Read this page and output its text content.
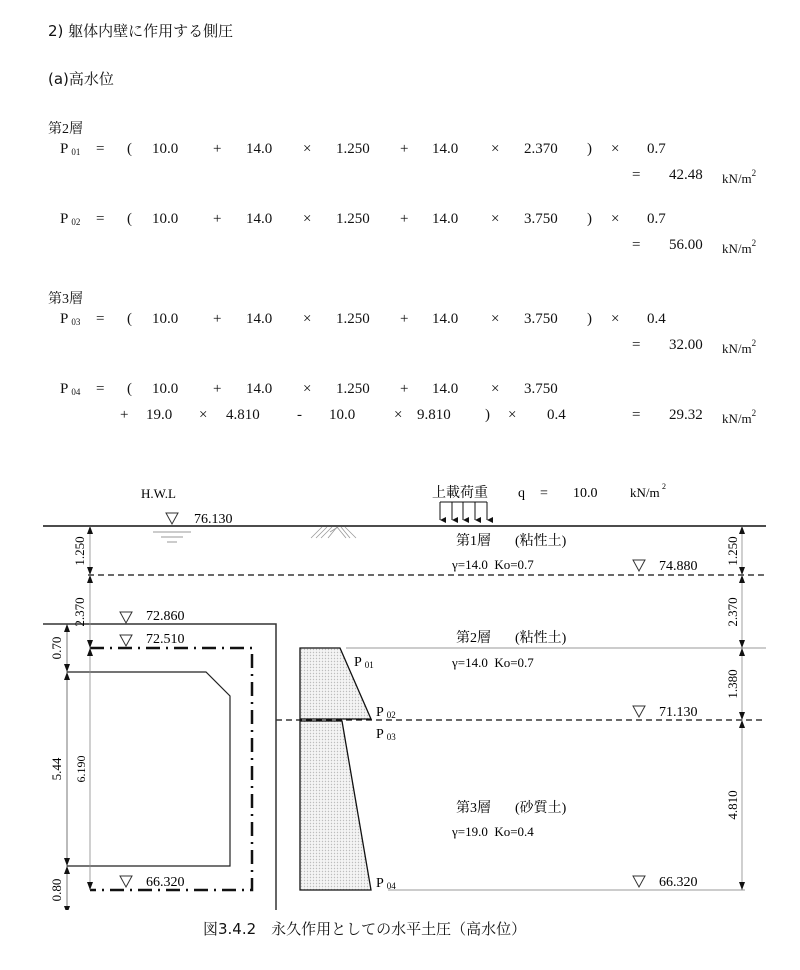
2) 躯体内壁に作用する側圧
(a)高水位
第2層
P $_{01}$ = ( 10.0 + 14.0 × 1.250 + 14.0 × 2.370 ) × 0.7
= 42.48 $kN/m^2$
P $_{02}$ = ( 10.0 + 14.0 × 1.250 + 14.0 × 3.750 ) × 0.7
= 56.00 $kN/m^2$
P $_{03}$ = ( 10.0 + 14.0 × 1.250 + 14.0 × 3.750 ) × 0.4
= 32.00 $kN/m^2$
P $_{04}$ = ( 10.0 + 14.0 × 1.250 + 14.0 × 3.750
+ 19.0 × 4.810 - 10.0	× 9.810 ) × 0.4	= 29.32 $kN/m^2$
第3層
H.W.L
76.130
72.860
72.510
66.320
74.880
71.130
66.320
上載荷重 q = 10.0	kN/m 2
第1層 (粘性土)
γ=14.0  Ko=0.7
第2層 (粘性土)
γ=14.0  Ko=0.7
第3層 (砂質土)
γ=19.0  Ko=0.4
P 01
P 02
P 03
P 04
1.250
2.370
0.70
5.44 6.190
0.80
1.250
2.370
1.380
4.810
図3.4.2　永久作用としての水平土圧（高水位）
